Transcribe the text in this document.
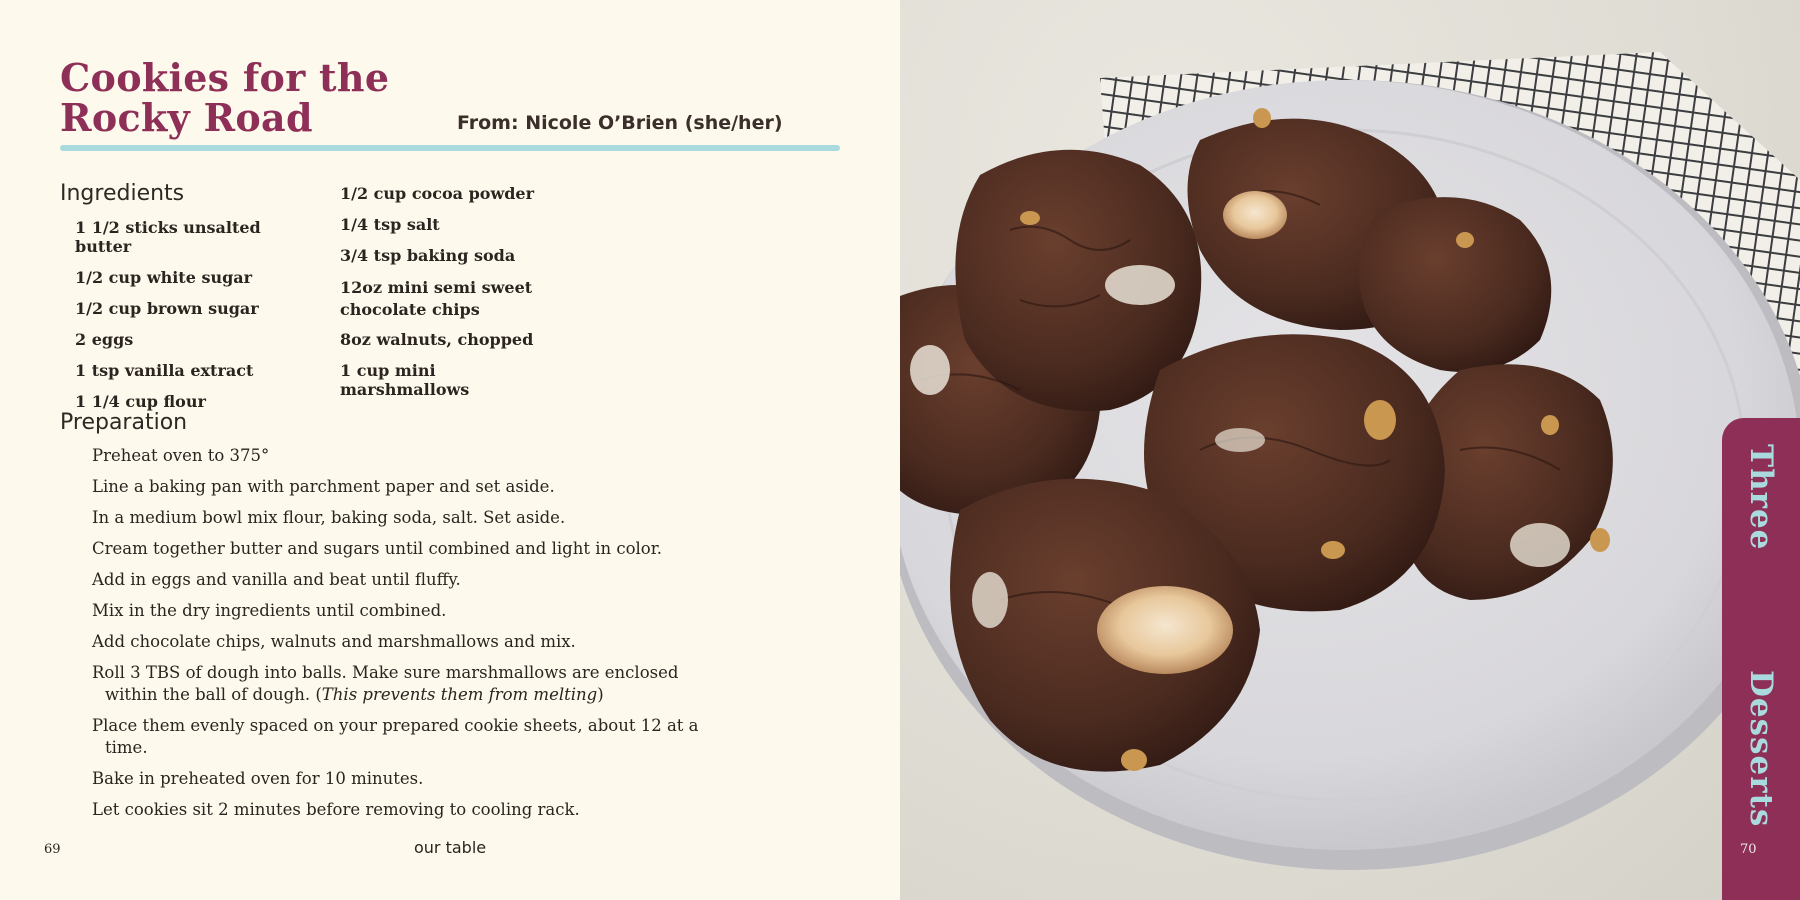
Cookies for the
Rocky Road	From: Nicole O’Brien (she/her)
Ingredients
1 1/2 sticks unsalted butter
1/2 cup white sugar
1/2 cup brown sugar
2 eggs
1 tsp vanilla extract
1 1/4 cup flour
1/2 cup cocoa powder
1/4 tsp salt
3/4 tsp baking soda
12oz mini semi sweet chocolate chips
8oz walnuts, chopped
1 cup mini marshmallows
Preparation
Preheat oven to 375°
Line a baking pan with parchment paper and set aside.
In a medium bowl mix flour, baking soda, salt. Set aside.
Cream together butter and sugars until combined and light in color.
Add in eggs and vanilla and beat until fluffy.
Mix in the dry ingredients until combined.
Add chocolate chips, walnuts and marshmallows and mix.
Roll 3 TBS of dough into balls. Make sure marshmallows are enclosed within the ball of dough. (This prevents them from melting)
Place them evenly spaced on your prepared cookie sheets, about 12 at a time.
Bake in preheated oven for 10 minutes.
Let cookies sit 2 minutes before removing to cooling rack.
69	our table
Three
Desserts
70
